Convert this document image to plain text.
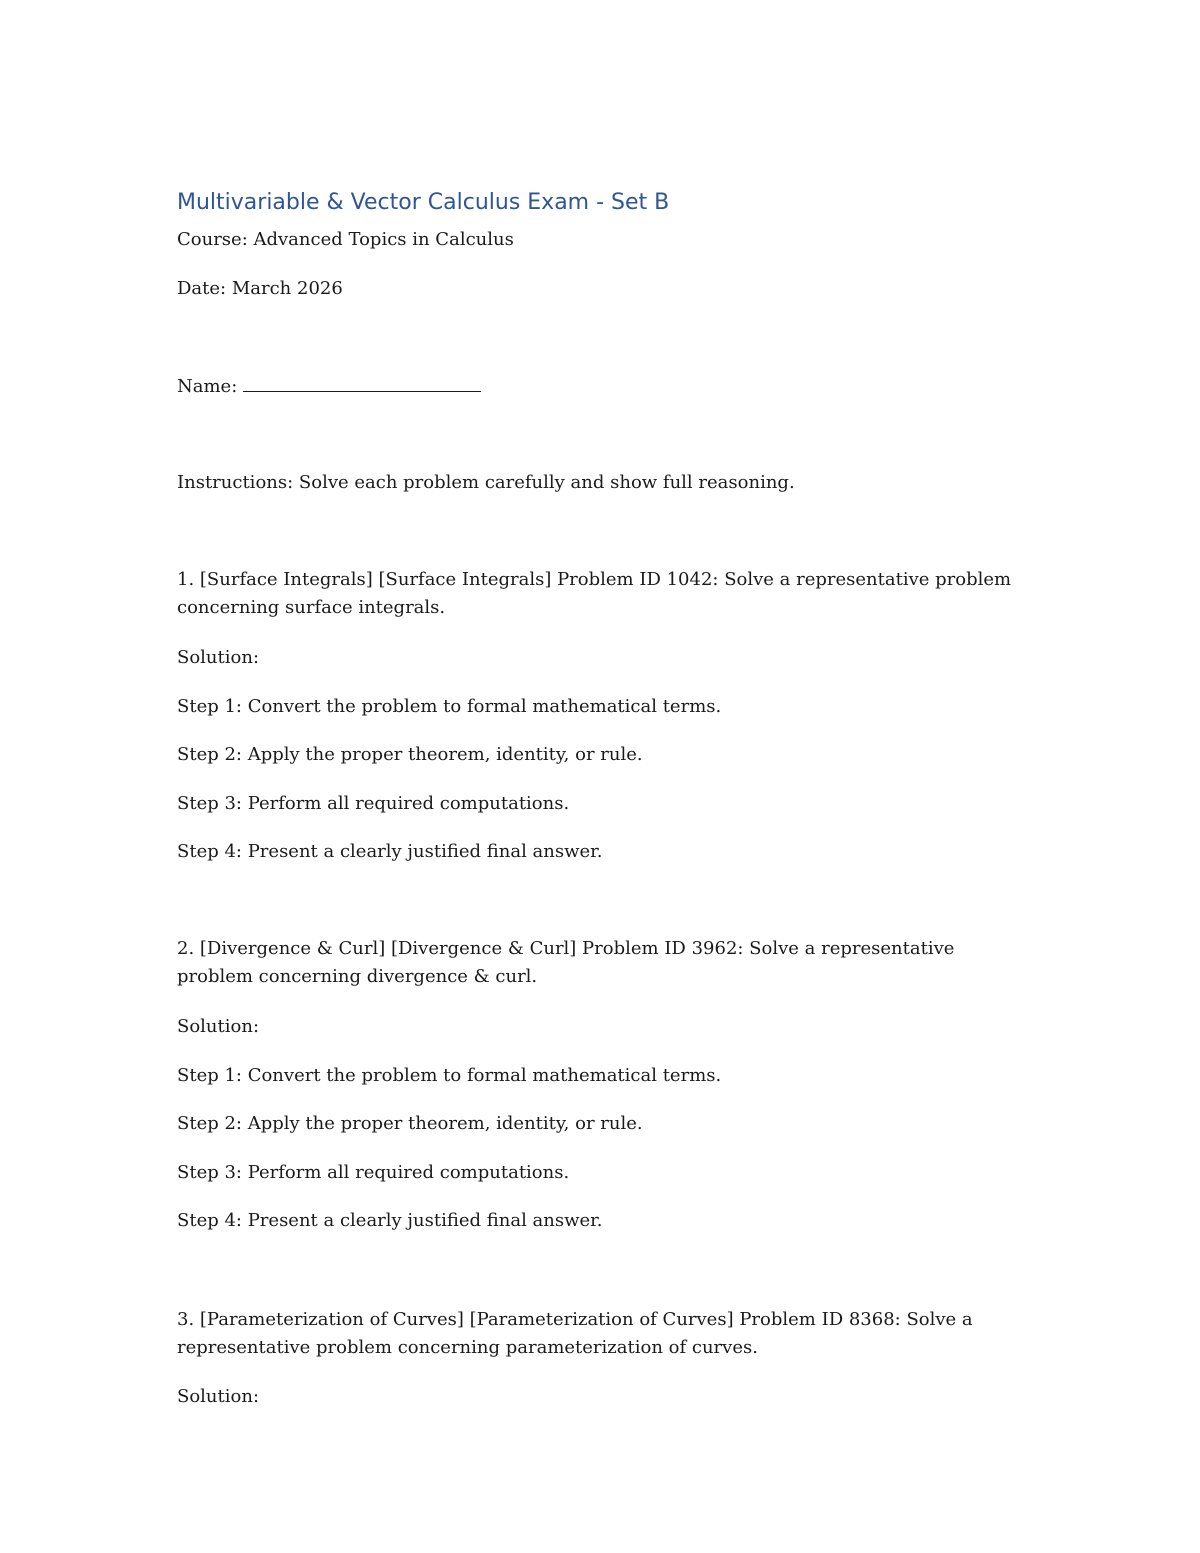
Multivariable & Vector Calculus Exam - Set B
Course: Advanced Topics in Calculus
Date: March 2026
Name:
Instructions: Solve each problem carefully and show full reasoning.
1. [Surface Integrals] [Surface Integrals] Problem ID 1042: Solve a representative problem concerning surface integrals.
Solution:
Step 1: Convert the problem to formal mathematical terms.
Step 2: Apply the proper theorem, identity, or rule.
Step 3: Perform all required computations.
Step 4: Present a clearly justified final answer.
2. [Divergence & Curl] [Divergence & Curl] Problem ID 3962: Solve a representative problem concerning divergence & curl.
Solution:
Step 1: Convert the problem to formal mathematical terms.
Step 2: Apply the proper theorem, identity, or rule.
Step 3: Perform all required computations.
Step 4: Present a clearly justified final answer.
3. [Parameterization of Curves] [Parameterization of Curves] Problem ID 8368: Solve a representative problem concerning parameterization of curves.
Solution:
